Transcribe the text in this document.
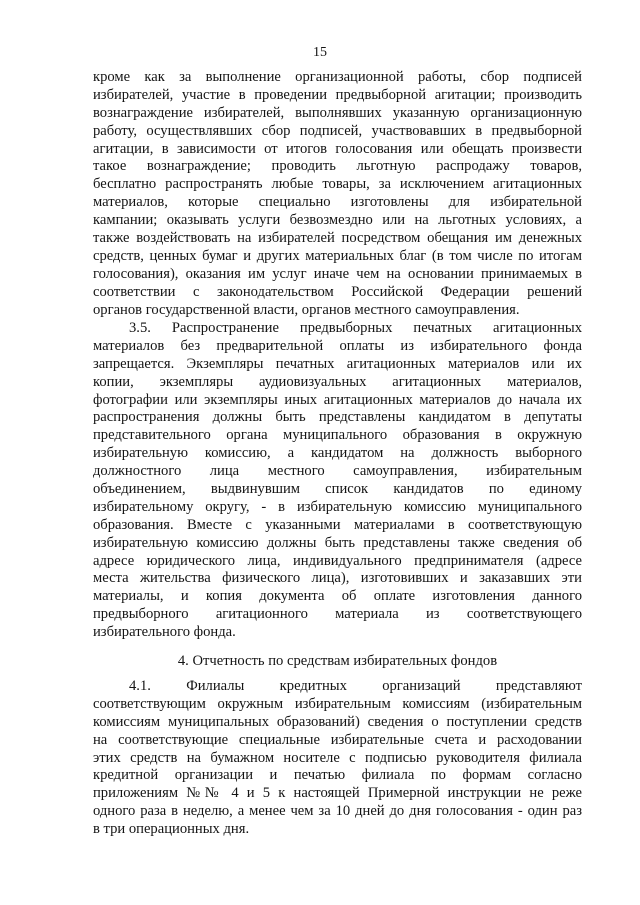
15
кроме как за выполнение организационной работы, сбор подписей
избирателей, участие в проведении предвыборной агитации; производить
вознаграждение избирателей, выполнявших указанную организационную
работу, осуществлявших сбор подписей, участвовавших в предвыборной
агитации, в зависимости от итогов голосования или обещать произвести
такое вознаграждение; проводить льготную распродажу товаров,
бесплатно распространять любые товары, за исключением агитационных
материалов, которые специально изготовлены для избирательной
кампании; оказывать услуги безвозмездно или на льготных условиях, а
также воздействовать на избирателей посредством обещания им денежных
средств, ценных бумаг и других материальных благ (в том числе по итогам
голосования), оказания им услуг иначе чем на основании принимаемых в
соответствии с законодательством Российской Федерации решений
органов государственной власти, органов местного самоуправления.
3.5. Распространение предвыборных печатных агитационных
материалов без предварительной оплаты из избирательного фонда
запрещается. Экземпляры печатных агитационных материалов или их
копии, экземпляры аудиовизуальных агитационных материалов,
фотографии или экземпляры иных агитационных материалов до начала их
распространения должны быть представлены кандидатом в депутаты
представительного органа муниципального образования в окружную
избирательную комиссию, а кандидатом на должность выборного
должностного лица местного самоуправления, избирательным
объединением, выдвинувшим список кандидатов по единому
избирательному округу, - в избирательную комиссию муниципального
образования. Вместе с указанными материалами в соответствующую
избирательную комиссию должны быть представлены также сведения об
адресе юридического лица, индивидуального предпринимателя (адресе
места жительства физического лица), изготовивших и заказавших эти
материалы, и копия документа об оплате изготовления данного
предвыборного агитационного материала из соответствующего
избирательного фонда.
4. Отчетность по средствам избирательных фондов
4.1. Филиалы кредитных организаций представляют
соответствующим окружным избирательным комиссиям (избирательным
комиссиям муниципальных образований) сведения о поступлении средств
на соответствующие специальные избирательные счета и расходовании
этих средств на бумажном носителе с подписью руководителя филиала
кредитной организации и печатью филиала по формам согласно
приложениям №№ 4 и 5 к настоящей Примерной инструкции не реже
одного раза в неделю, а менее чем за 10 дней до дня голосования - один раз
в три операционных дня.
